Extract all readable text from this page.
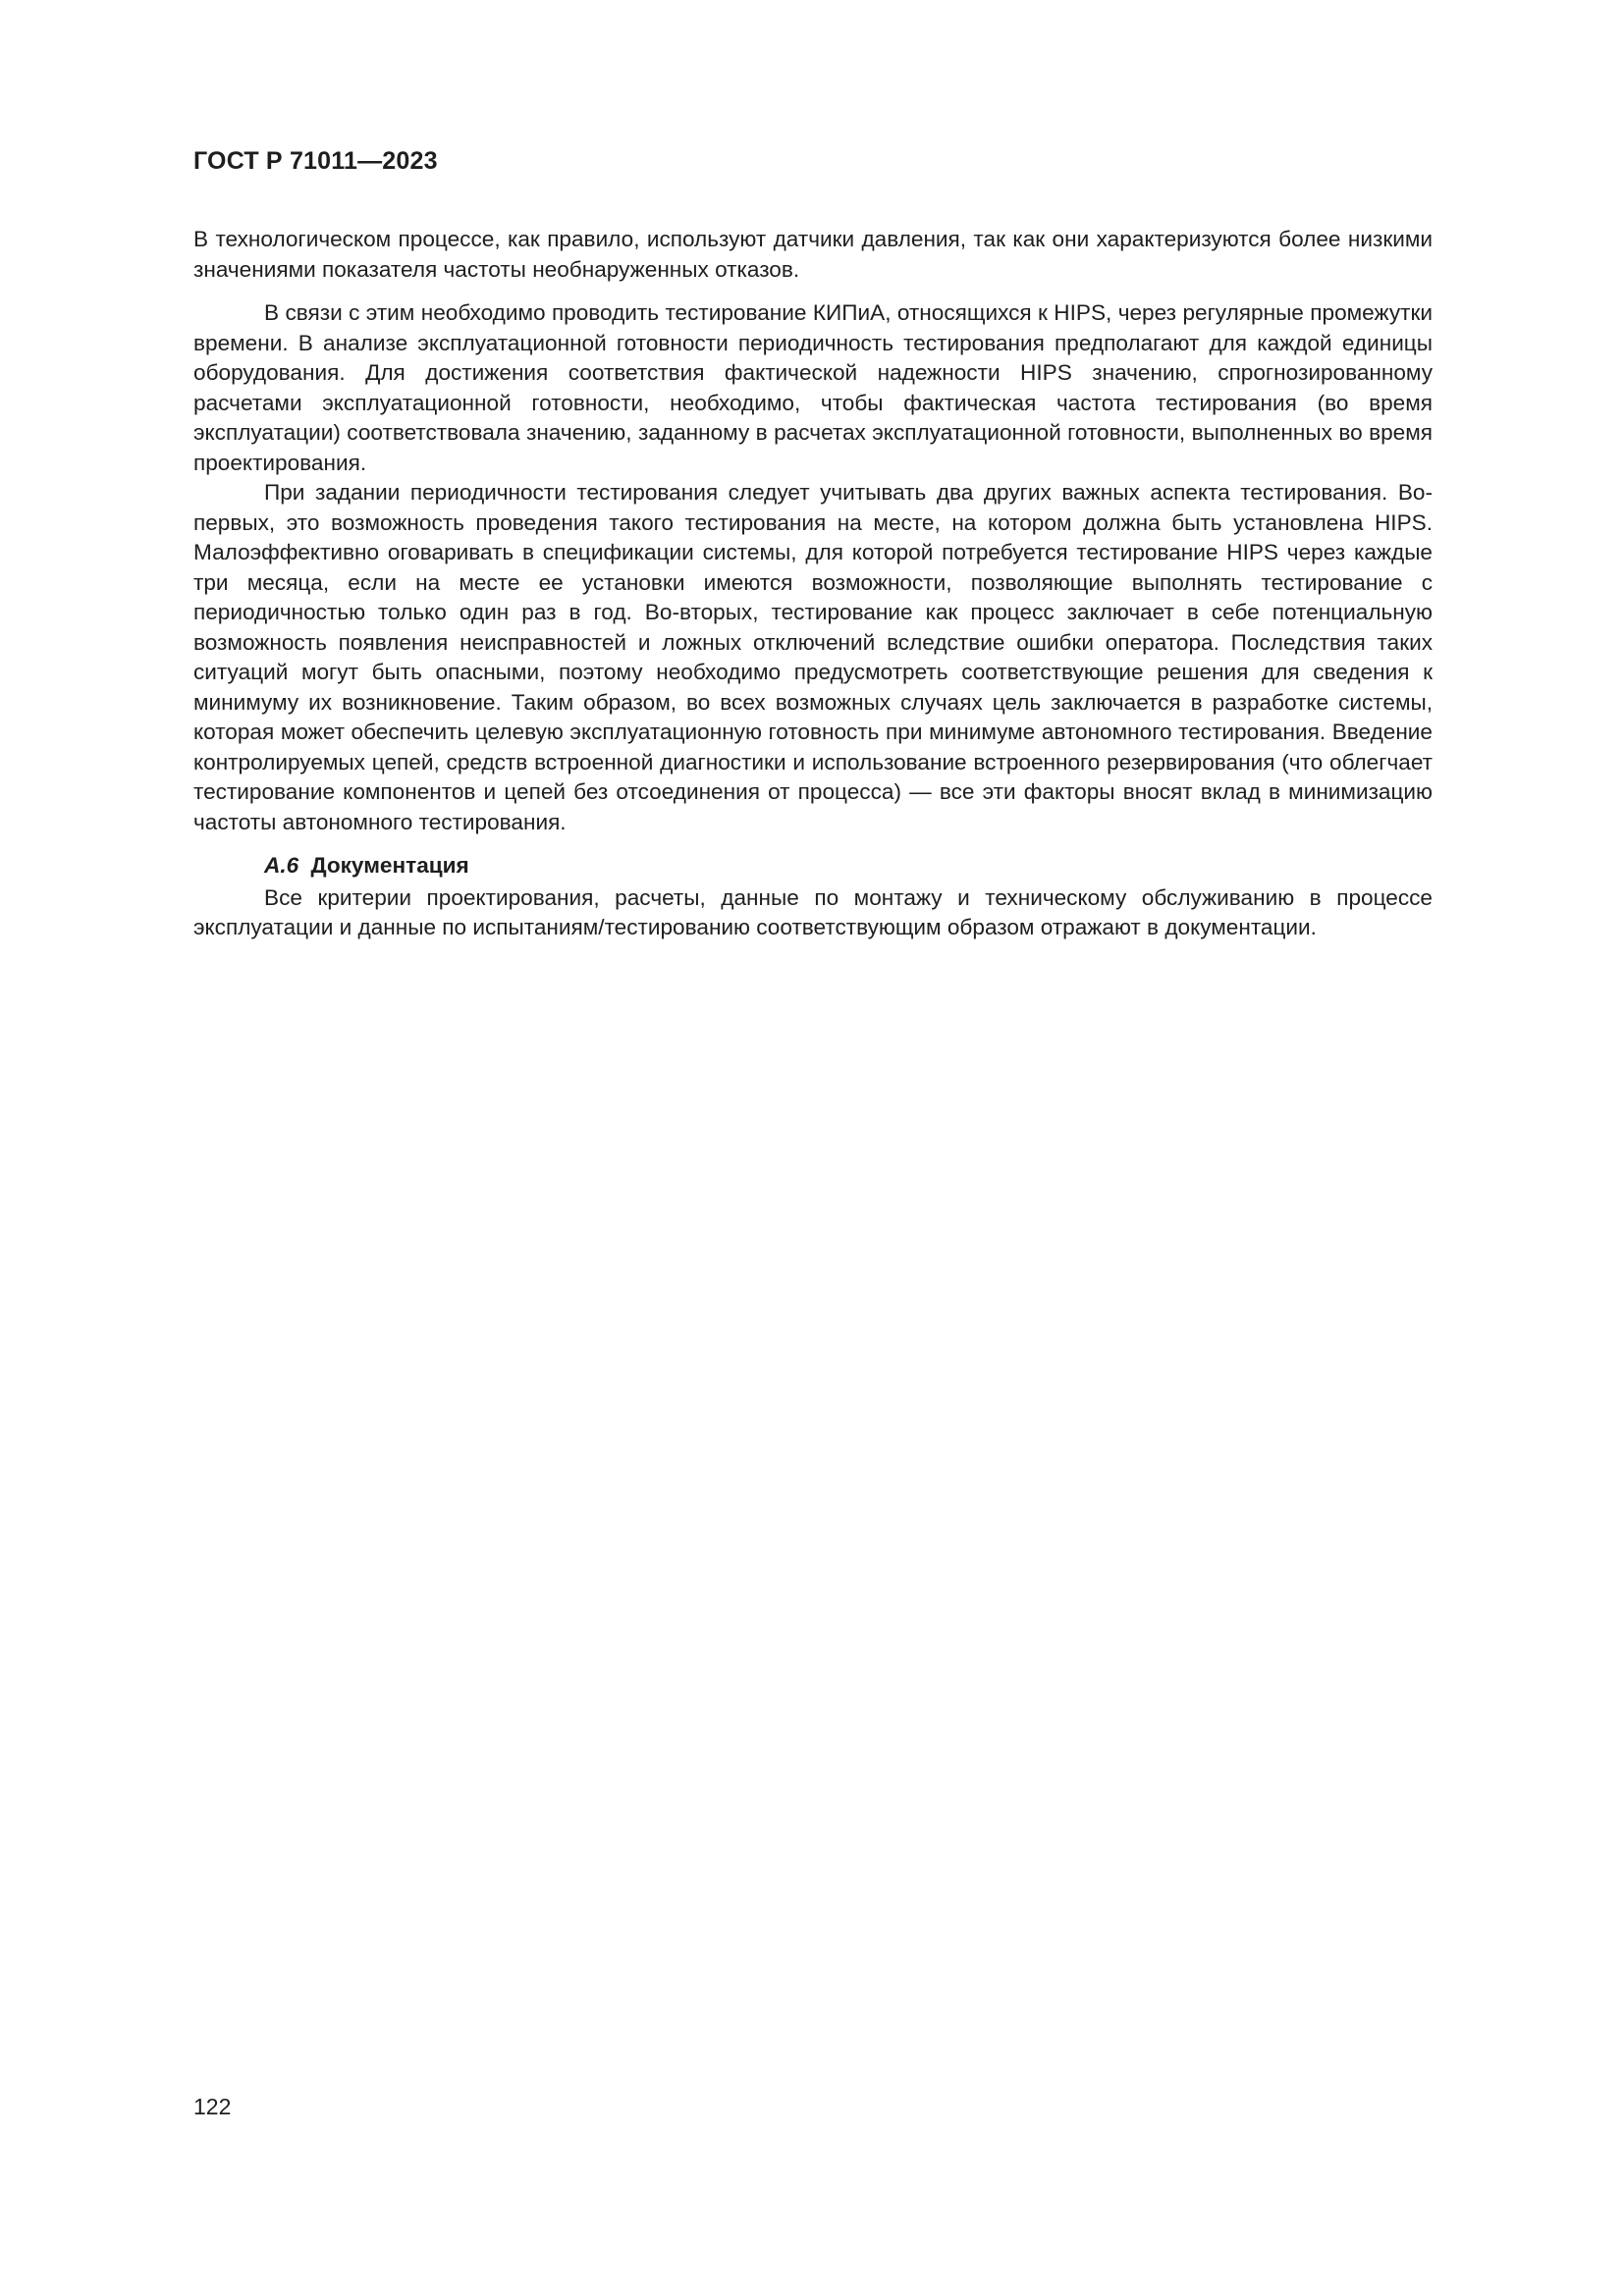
ГОСТ Р 71011—2023

В технологическом процессе, как правило, используют датчики давления, так как они характеризуются более низкими значениями показателя частоты необнаруженных отказов.

В связи с этим необходимо проводить тестирование КИПиА, относящихся к HIPS, через регулярные промежутки времени. В анализе эксплуатационной готовности периодичность тестирования предполагают для каждой единицы оборудования. Для достижения соответствия фактической надежности HIPS значению, спрогнозированному расчетами эксплуатационной готовности, необходимо, чтобы фактическая частота тестирования (во время эксплуатации) соответствовала значению, заданному в расчетах эксплуатационной готовности, выполненных во время проектирования.

При задании периодичности тестирования следует учитывать два других важных аспекта тестирования. Во-первых, это возможность проведения такого тестирования на месте, на котором должна быть установлена HIPS. Малоэффективно оговаривать в спецификации системы, для которой потребуется тестирование HIPS через каждые три месяца, если на месте ее установки имеются возможности, позволяющие выполнять тестирование с периодичностью только один раз в год. Во-вторых, тестирование как процесс заключает в себе потенциальную возможность появления неисправностей и ложных отключений вследствие ошибки оператора. Последствия таких ситуаций могут быть опасными, поэтому необходимо предусмотреть соответствующие решения для сведения к минимуму их возникновение. Таким образом, во всех возможных случаях цель заключается в разработке системы, которая может обеспечить целевую эксплуатационную готовность при минимуме автономного тестирования. Введение контролируемых цепей, средств встроенной диагностики и использование встроенного резервирования (что облегчает тестирование компонентов и цепей без отсоединения от процесса) — все эти факторы вносят вклад в минимизацию частоты автономного тестирования.

А.6 Документация

Все критерии проектирования, расчеты, данные по монтажу и техническому обслуживанию в процессе эксплуатации и данные по испытаниям/тестированию соответствующим образом отражают в документации.

122
